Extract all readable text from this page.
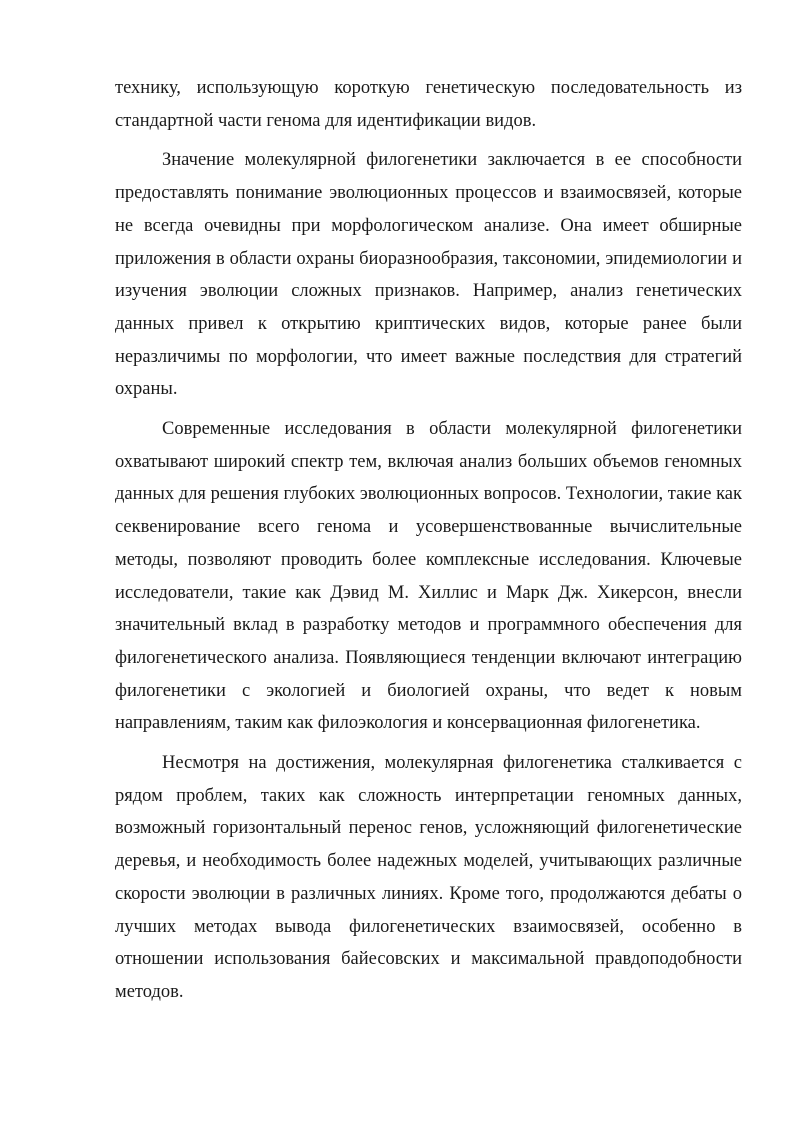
технику, использующую короткую генетическую последовательность из стандартной части генома для идентификации видов.

Значение молекулярной филогенетики заключается в ее способности предоставлять понимание эволюционных процессов и взаимосвязей, которые не всегда очевидны при морфологическом анализе. Она имеет обширные приложения в области охраны биоразнообразия, таксономии, эпидемиологии и изучения эволюции сложных признаков. Например, анализ генетических данных привел к открытию криптических видов, которые ранее были неразличимы по морфологии, что имеет важные последствия для стратегий охраны.

Современные исследования в области молекулярной филогенетики охватывают широкий спектр тем, включая анализ больших объемов геномных данных для решения глубоких эволюционных вопросов. Технологии, такие как секвенирование всего генома и усовершенствованные вычислительные методы, позволяют проводить более комплексные исследования. Ключевые исследователи, такие как Дэвид М. Хиллис и Марк Дж. Хикерсон, внесли значительный вклад в разработку методов и программного обеспечения для филогенетического анализа. Появляющиеся тенденции включают интеграцию филогенетики с экологией и биологией охраны, что ведет к новым направлениям, таким как филоэкология и консервационная филогенетика.

Несмотря на достижения, молекулярная филогенетика сталкивается с рядом проблем, таких как сложность интерпретации геномных данных, возможный горизонтальный перенос генов, усложняющий филогенетические деревья, и необходимость более надежных моделей, учитывающих различные скорости эволюции в различных линиях. Кроме того, продолжаются дебаты о лучших методах вывода филогенетических взаимосвязей, особенно в отношении использования байесовских и максимальной правдоподобности методов.
